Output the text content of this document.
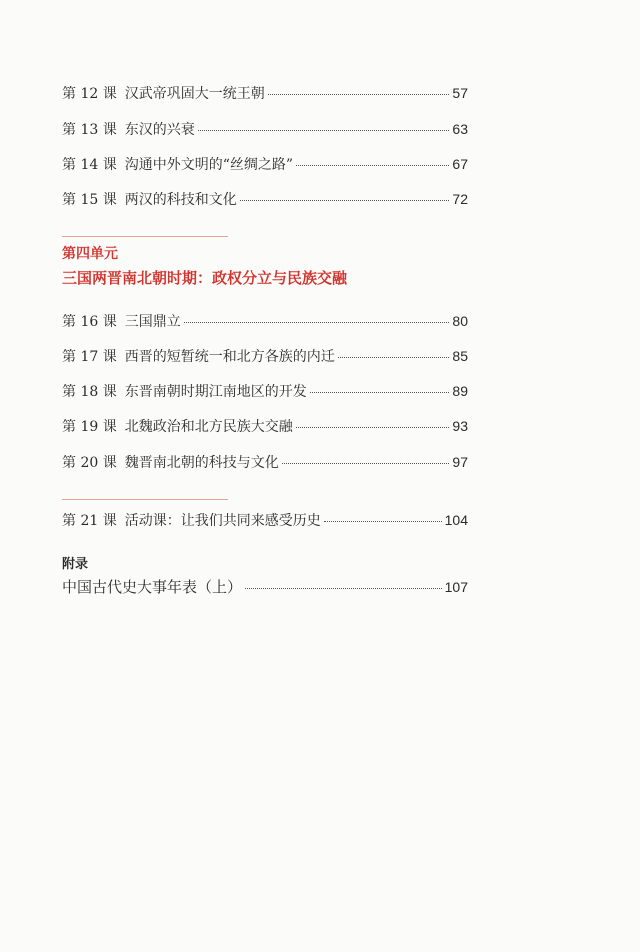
第 12 课 汉武帝巩固大一统王朝	57
第 13 课 东汉的兴衰	63
第 14 课 沟通中外文明的“丝绸之路”	67
第 15 课 两汉的科技和文化	72
第四单元
三国两晋南北朝时期：政权分立与民族交融
第 16 课 三国鼎立	80
第 17 课 西晋的短暂统一和北方各族的内迁	85
第 18 课 东晋南朝时期江南地区的开发	89
第 19 课 北魏政治和北方民族大交融	93
第 20 课 魏晋南北朝的科技与文化	97
第 21 课 活动课：让我们共同来感受历史	104
附录
中国古代史大事年表（上）	107
